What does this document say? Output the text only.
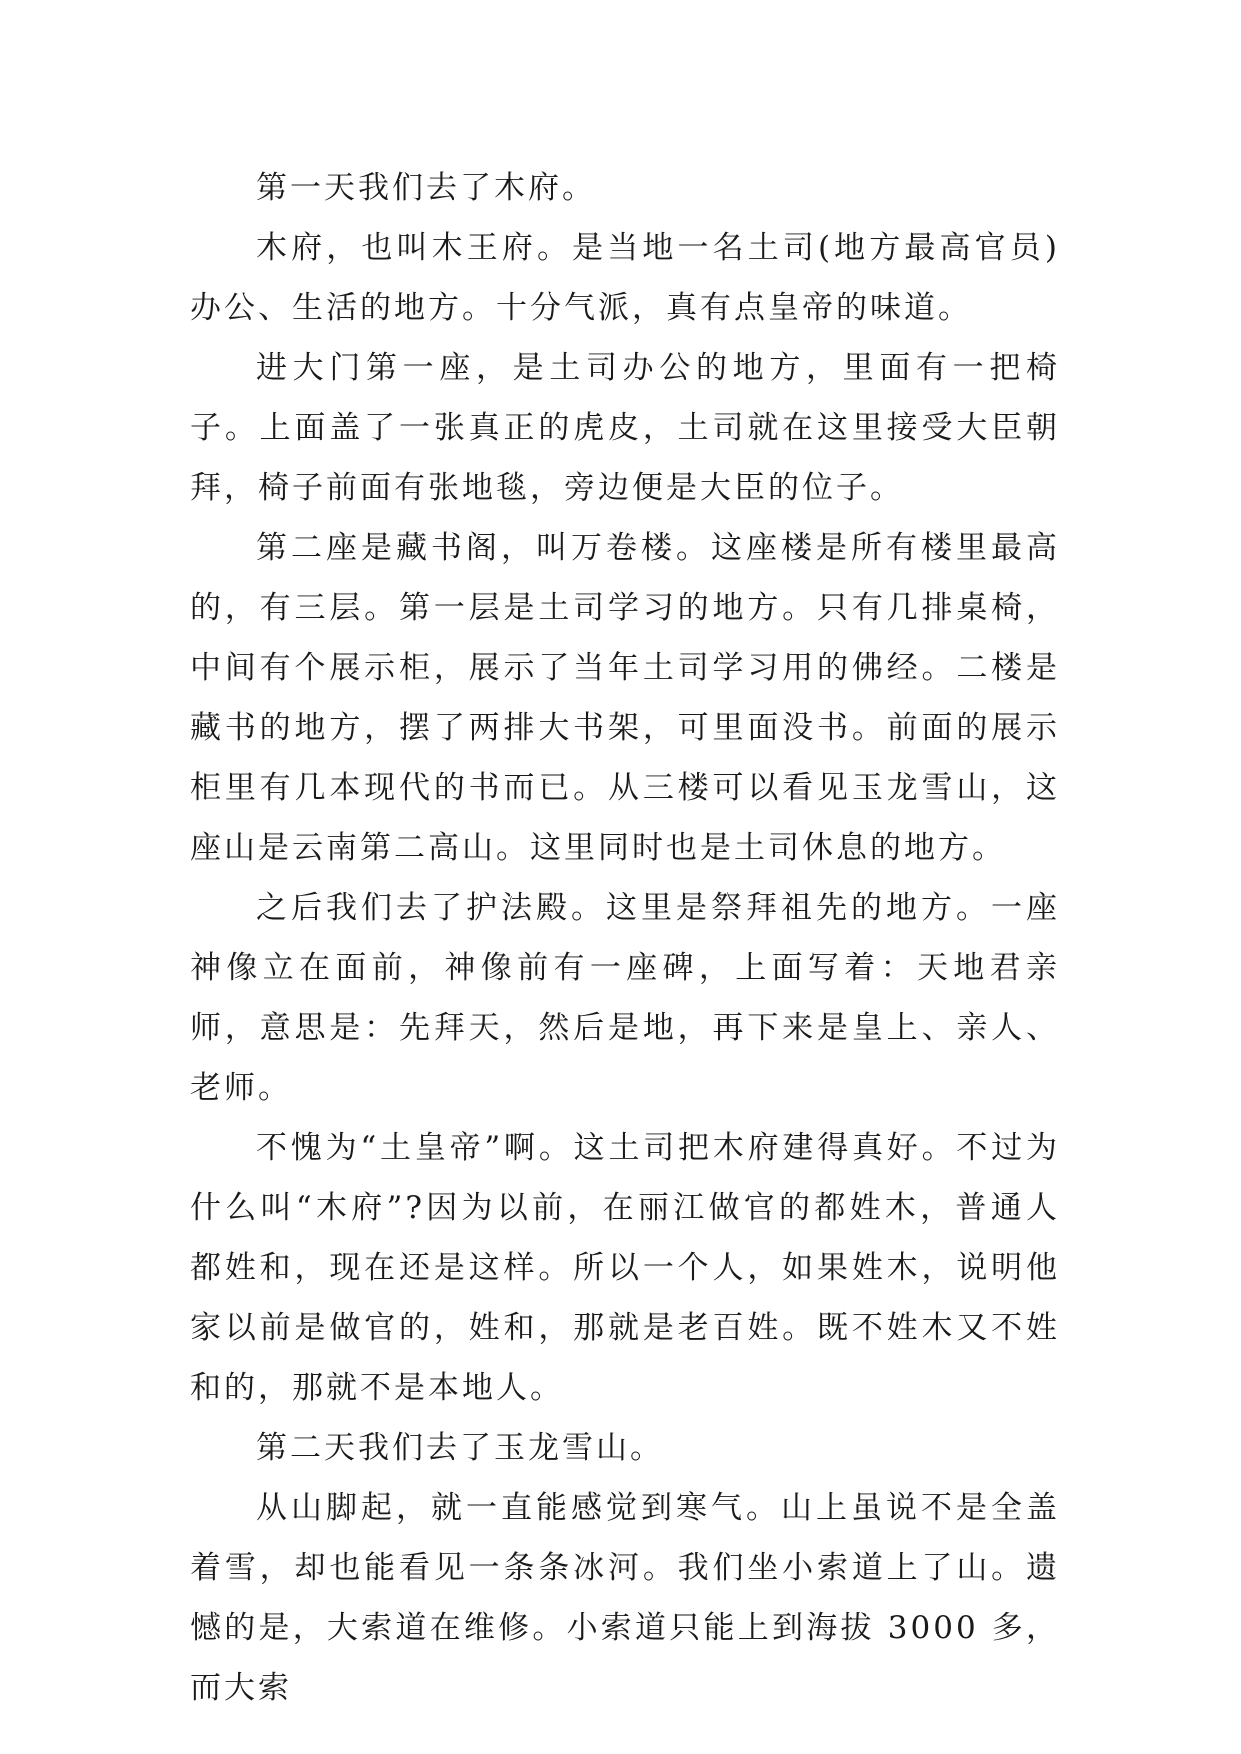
第一天我们去了木府。

木府，也叫木王府。是当地一名土司(地方最高官员)办公、生活的地方。十分气派，真有点皇帝的味道。

进大门第一座，是土司办公的地方，里面有一把椅子。上面盖了一张真正的虎皮，土司就在这里接受大臣朝拜，椅子前面有张地毯，旁边便是大臣的位子。

第二座是藏书阁，叫万卷楼。这座楼是所有楼里最高的，有三层。第一层是土司学习的地方。只有几排桌椅，中间有个展示柜，展示了当年土司学习用的佛经。二楼是藏书的地方，摆了两排大书架，可里面没书。前面的展示柜里有几本现代的书而已。从三楼可以看见玉龙雪山，这座山是云南第二高山。这里同时也是土司休息的地方。

之后我们去了护法殿。这里是祭拜祖先的地方。一座神像立在面前，神像前有一座碑，上面写着：天地君亲师，意思是：先拜天，然后是地，再下来是皇上、亲人、老师。

不愧为“土皇帝”啊。这土司把木府建得真好。不过为什么叫“木府”?因为以前，在丽江做官的都姓木，普通人都姓和，现在还是这样。所以一个人，如果姓木，说明他家以前是做官的，姓和，那就是老百姓。既不姓木又不姓和的，那就不是本地人。

第二天我们去了玉龙雪山。

从山脚起，就一直能感觉到寒气。山上虽说不是全盖着雪，却也能看见一条条冰河。我们坐小索道上了山。遗憾的是，大索道在维修。小索道只能上到海拔 3000 多，而大索
